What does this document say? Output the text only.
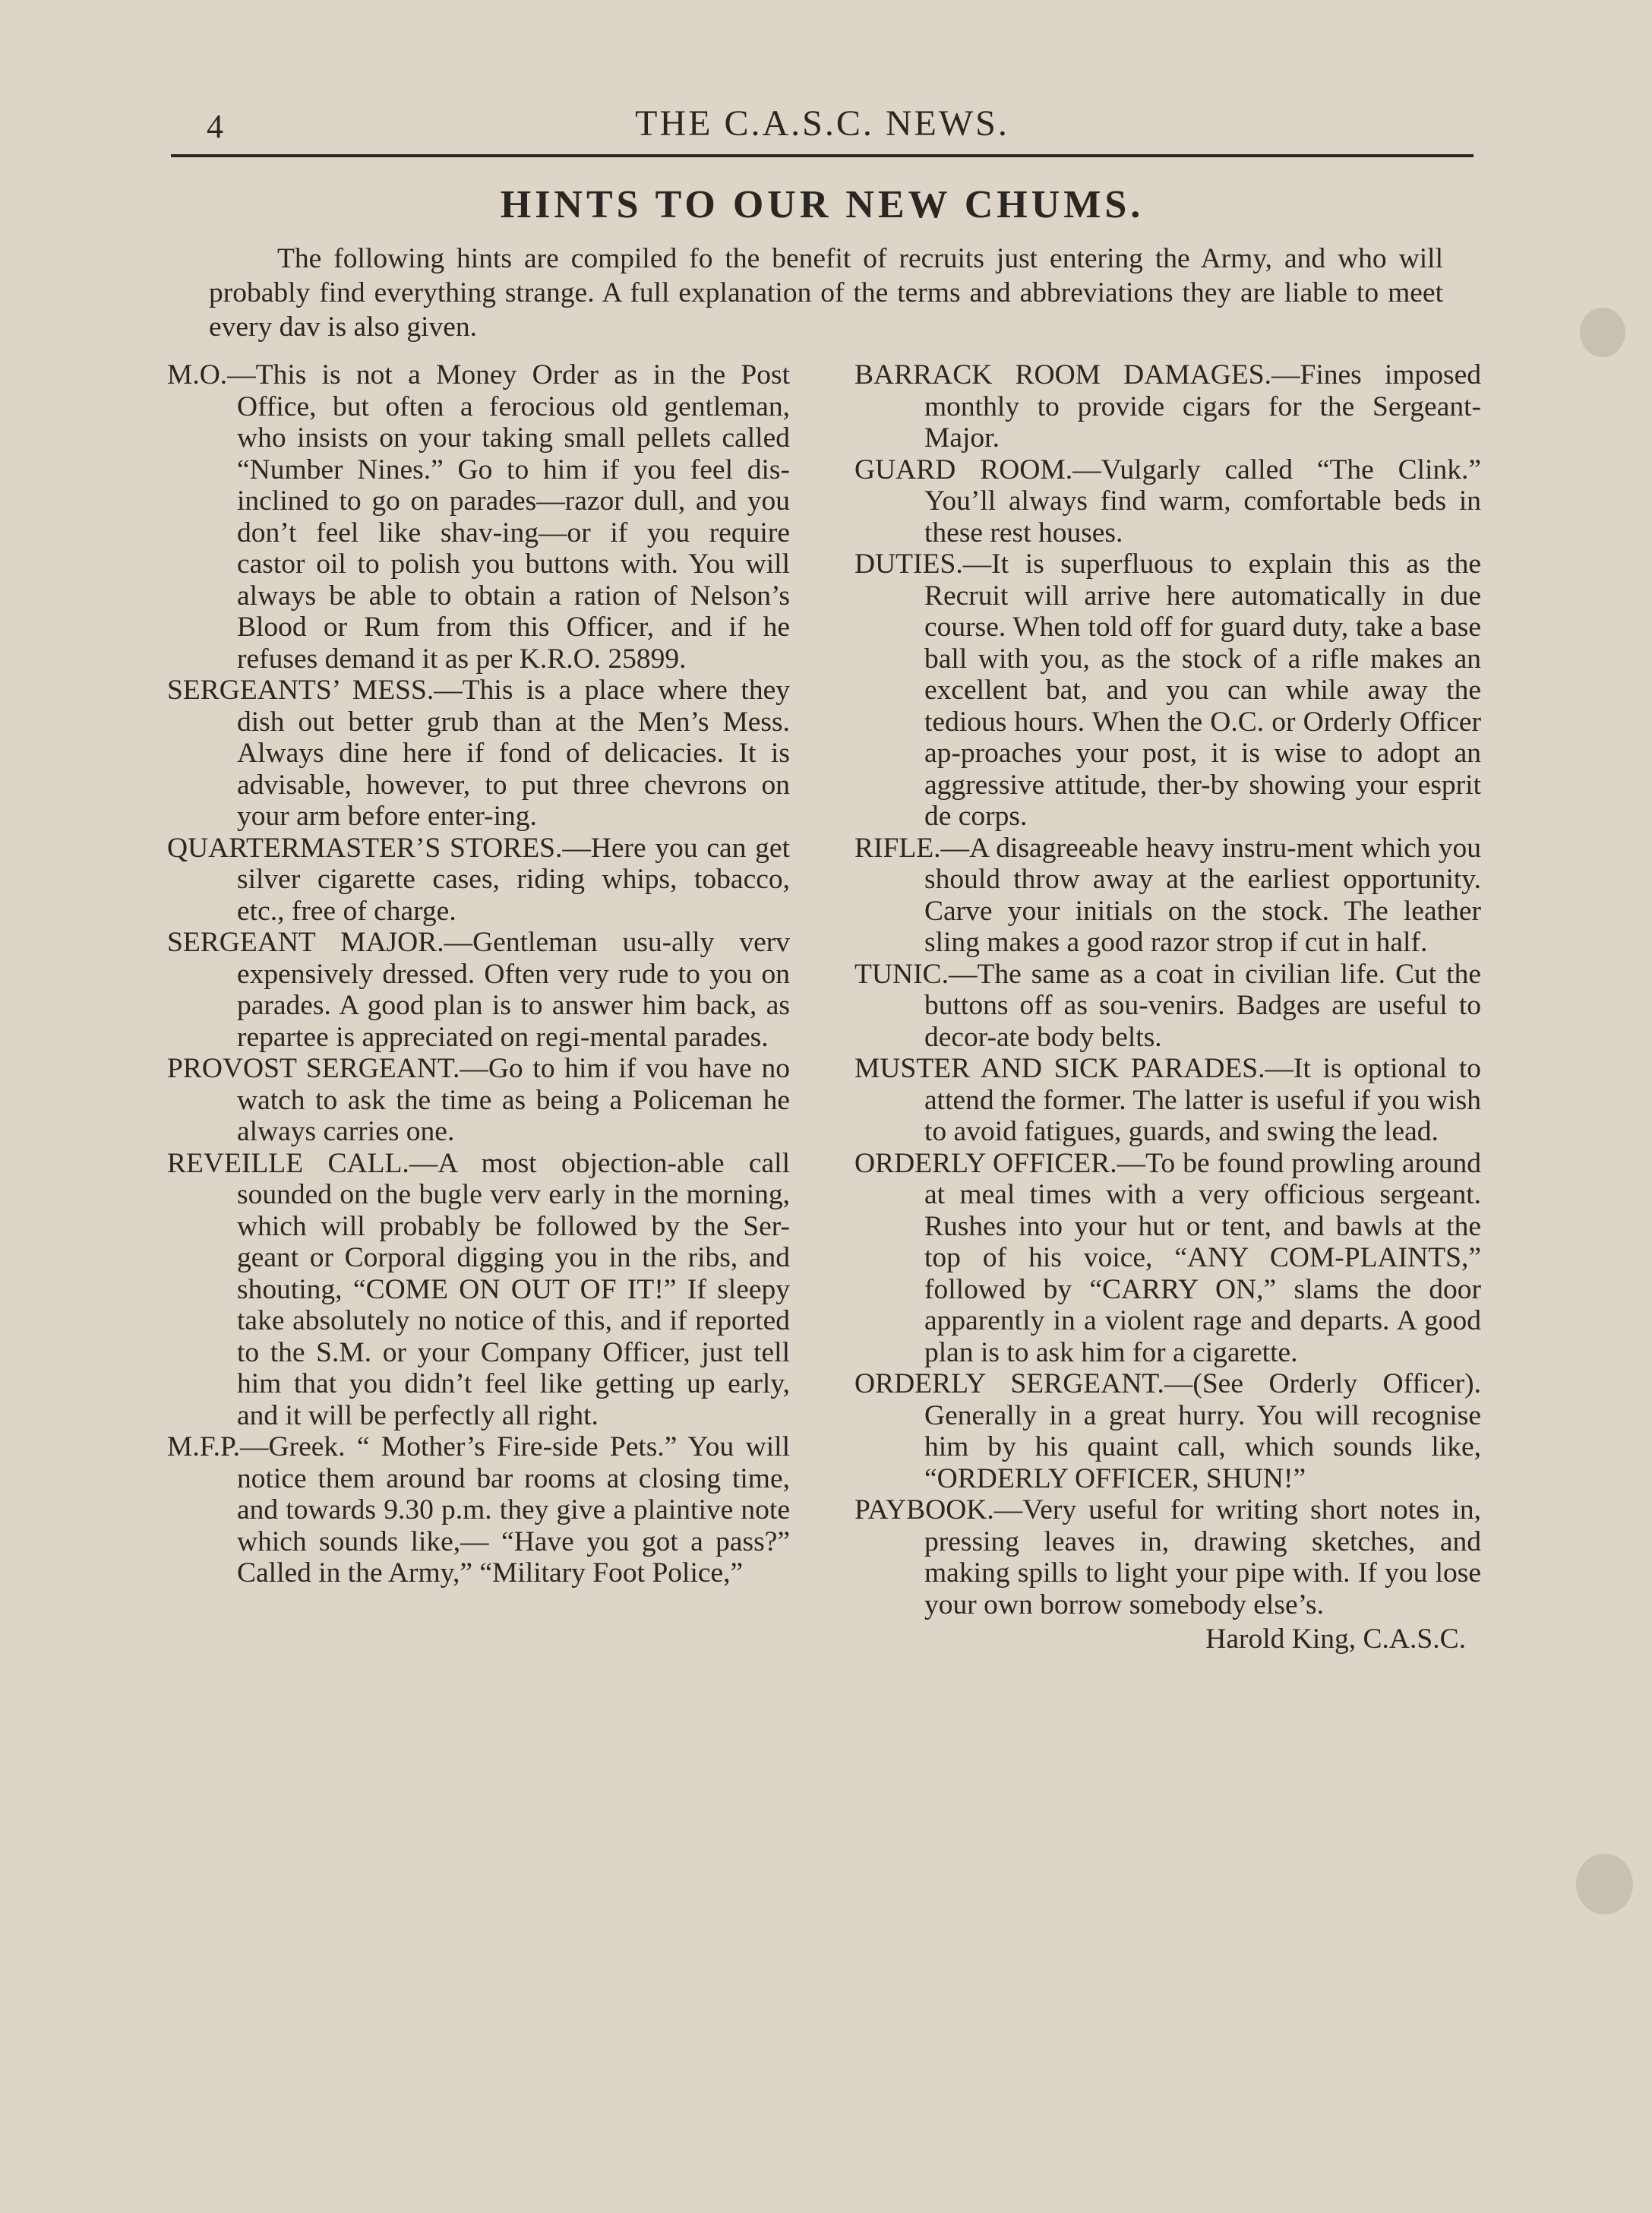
4	THE C.A.S.C. NEWS.
HINTS TO OUR NEW CHUMS.

The following hints are compiled fo the benefit of recruits just entering the Army, and who will probably find everything strange. A full explanation of the terms and abbreviations they are liable to meet every dav is also given.

M.O.—This is not a Money Order as in the Post Office, but often a ferocious old gentleman, who insists on your taking small pellets called “Number Nines.” Go to him if you feel dis-inclined to go on parades—razor dull, and you don’t feel like shav-ing—or if you require castor oil to polish you buttons with. You will always be able to obtain a ration of Nelson’s Blood or Rum from this Officer, and if he refuses demand it as per K.R.O. 25899.

SERGEANTS’ MESS.—This is a place where they dish out better grub than at the Men’s Mess. Always dine here if fond of delicacies. It is advisable, however, to put three chevrons on your arm before enter-ing.

QUARTERMASTER’S STORES.—Here you can get silver cigarette cases, riding whips, tobacco, etc., free of charge.

SERGEANT MAJOR.—Gentleman usu-ally verv expensively dressed. Often very rude to you on parades. A good plan is to answer him back, as repartee is appreciated on regi-mental parades.

PROVOST SERGEANT.—Go to him if vou have no watch to ask the time as being a Policeman he always carries one.

REVEILLE CALL.—A most objection-able call sounded on the bugle verv early in the morning, which will probably be followed by the Ser-geant or Corporal digging you in the ribs, and shouting, “COME ON OUT OF IT!” If sleepy take absolutely no notice of this, and if reported to the S.M. or your Company Officer, just tell him that you didn’t feel like getting up early, and it will be perfectly all right.

M.F.P.—Greek. “ Mother’s Fire-side Pets.” You will notice them around bar rooms at closing time, and towards 9.30 p.m. they give a plaintive note which sounds like,— “Have you got a pass?” Called in the Army,” “Military Foot Police,”

BARRACK ROOM DAMAGES.—Fines imposed monthly to provide cigars for the Sergeant-Major.

GUARD ROOM.—Vulgarly called “The Clink.” You’ll always find warm, comfortable beds in these rest houses.

DUTIES.—It is superfluous to explain this as the Recruit will arrive here automatically in due course. When told off for guard duty, take a base ball with you, as the stock of a rifle makes an excellent bat, and you can while away the tedious hours. When the O.C. or Orderly Officer ap-proaches your post, it is wise to adopt an aggressive attitude, ther-by showing your esprit de corps.

RIFLE.—A disagreeable heavy instru-ment which you should throw away at the earliest opportunity. Carve your initials on the stock. The leather sling makes a good razor strop if cut in half.

TUNIC.—The same as a coat in civilian life. Cut the buttons off as sou-venirs. Badges are useful to decor-ate body belts.

MUSTER AND SICK PARADES.—It is optional to attend the former. The latter is useful if you wish to avoid fatigues, guards, and swing the lead.

ORDERLY OFFICER.—To be found prowling around at meal times with a very officious sergeant. Rushes into your hut or tent, and bawls at the top of his voice, “ANY COM-PLAINTS,” followed by “CARRY ON,” slams the door apparently in a violent rage and departs. A good plan is to ask him for a cigarette.

ORDERLY SERGEANT.—(See Orderly Officer). Generally in a great hurry. You will recognise him by his quaint call, which sounds like, “ORDERLY OFFICER, SHUN!”

PAYBOOK.—Very useful for writing short notes in, pressing leaves in, drawing sketches, and making spills to light your pipe with. If you lose your own borrow somebody else’s.

Harold King, C.A.S.C.
